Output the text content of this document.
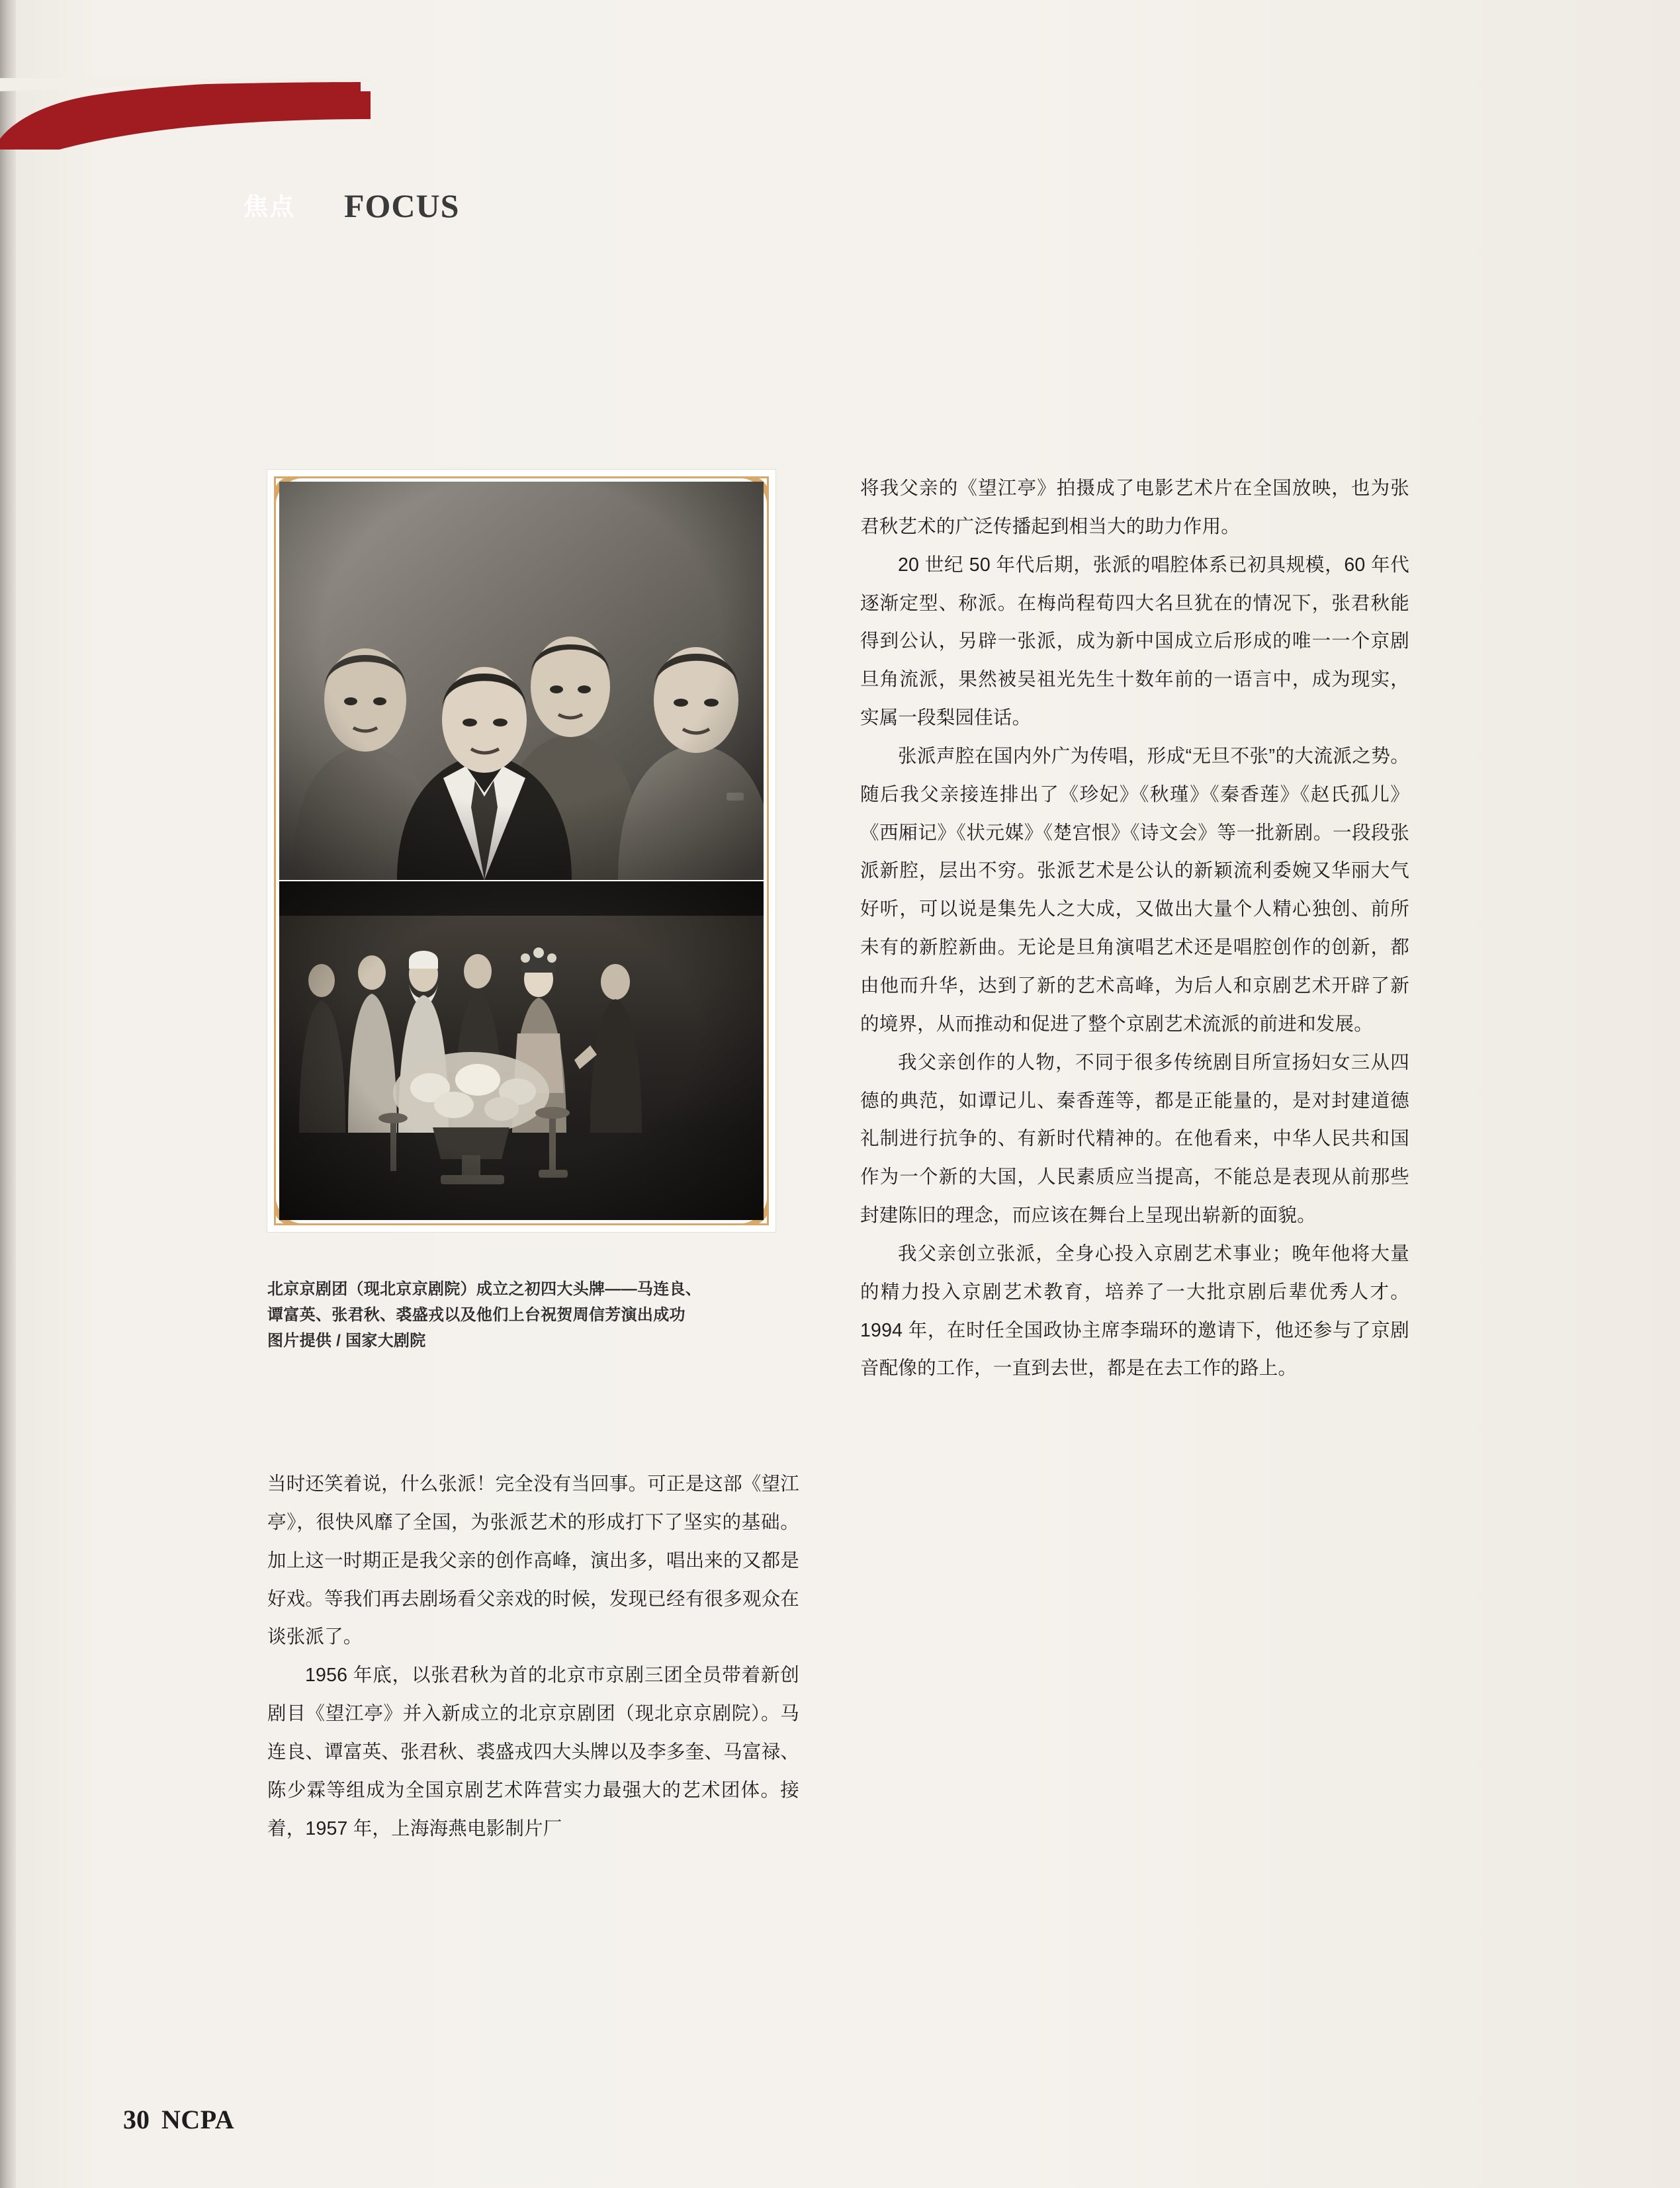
焦点 FOCUS
北京京剧团（现北京京剧院）成立之初四大头牌——马连良、
谭富英、张君秋、裘盛戎以及他们上台祝贺周信芳演出成功
图片提供 / 国家大剧院

当时还笑着说，什么张派！完全没有当回事。可正是这部《望江亭》，很快风靡了全国，为张派艺术的形成打下了坚实的基础。加上这一时期正是我父亲的创作高峰，演出多，唱出来的又都是好戏。等我们再去剧场看父亲戏的时候，发现已经有很多观众在谈张派了。

1956 年底，以张君秋为首的北京市京剧三团全员带着新创剧目《望江亭》并入新成立的北京京剧团（现北京京剧院）。马连良、谭富英、张君秋、裘盛戎四大头牌以及李多奎、马富禄、陈少霖等组成为全国京剧艺术阵营实力最强大的艺术团体。接着，1957 年，上海海燕电影制片厂

将我父亲的《望江亭》拍摄成了电影艺术片在全国放映，也为张君秋艺术的广泛传播起到相当大的助力作用。

20 世纪 50 年代后期，张派的唱腔体系已初具规模，60 年代逐渐定型、称派。在梅尚程荀四大名旦犹在的情况下，张君秋能得到公认，另辟一张派，成为新中国成立后形成的唯一一个京剧旦角流派，果然被吴祖光先生十数年前的一语言中，成为现实，实属一段梨园佳话。

张派声腔在国内外广为传唱，形成“无旦不张”的大流派之势。随后我父亲接连排出了《珍妃》《秋瑾》《秦香莲》《赵氏孤儿》《西厢记》《状元媒》《楚宫恨》《诗文会》等一批新剧。一段段张派新腔，层出不穷。张派艺术是公认的新颖流利委婉又华丽大气好听，可以说是集先人之大成，又做出大量个人精心独创、前所未有的新腔新曲。无论是旦角演唱艺术还是唱腔创作的创新，都由他而升华，达到了新的艺术高峰，为后人和京剧艺术开辟了新的境界，从而推动和促进了整个京剧艺术流派的前进和发展。

我父亲创作的人物，不同于很多传统剧目所宣扬妇女三从四德的典范，如谭记儿、秦香莲等，都是正能量的，是对封建道德礼制进行抗争的、有新时代精神的。在他看来，中华人民共和国作为一个新的大国，人民素质应当提高，不能总是表现从前那些封建陈旧的理念，而应该在舞台上呈现出崭新的面貌。

我父亲创立张派，全身心投入京剧艺术事业；晚年他将大量的精力投入京剧艺术教育，培养了一大批京剧后辈优秀人才。1994 年，在时任全国政协主席李瑞环的邀请下，他还参与了京剧音配像的工作，一直到去世，都是在去工作的路上。

30 NCPA
